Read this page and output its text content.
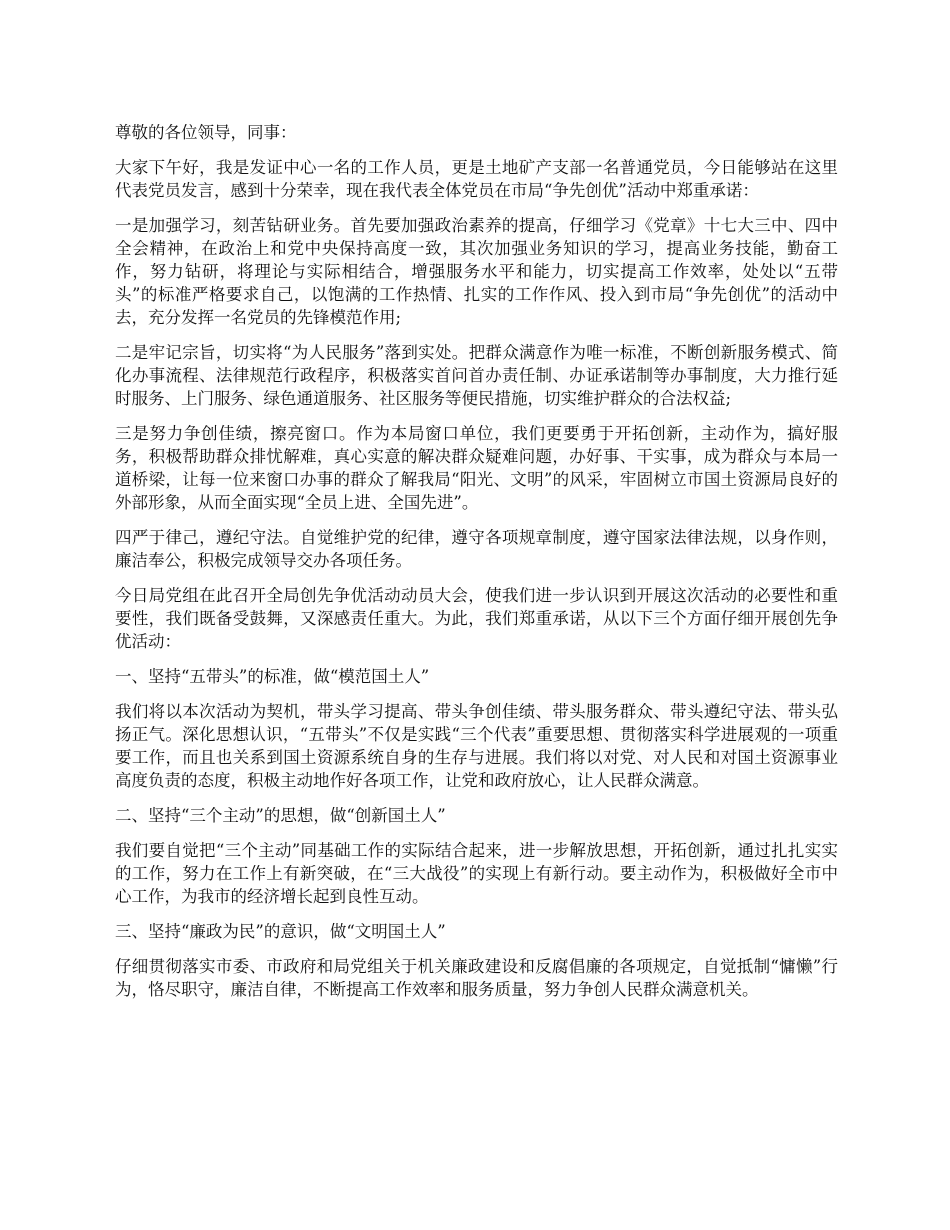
尊敬的各位领导，同事：

大家下午好，我是发证中心一名的工作人员，更是土地矿产支部一名普通党员，今日能够站在这里代表党员发言，感到十分荣幸，现在我代表全体党员在市局“争先创优”活动中郑重承诺：

一是加强学习，刻苦钻研业务。首先要加强政治素养的提高，仔细学习《党章》十七大三中、四中全会精神，在政治上和党中央保持高度一致，其次加强业务知识的学习，提高业务技能，勤奋工作，努力钻研，将理论与实际相结合，增强服务水平和能力，切实提高工作效率，处处以“五带头”的标准严格要求自己，以饱满的工作热情、扎实的工作作风、投入到市局“争先创优”的活动中去，充分发挥一名党员的先锋模范作用;

二是牢记宗旨，切实将“为人民服务”落到实处。把群众满意作为唯一标准，不断创新服务模式、简化办事流程、法律规范行政程序，积极落实首问首办责任制、办证承诺制等办事制度，大力推行延时服务、上门服务、绿色通道服务、社区服务等便民措施，切实维护群众的合法权益;

三是努力争创佳绩，擦亮窗口。作为本局窗口单位，我们更要勇于开拓创新，主动作为，搞好服务，积极帮助群众排忧解难，真心实意的解决群众疑难问题，办好事、干实事，成为群众与本局一道桥梁，让每一位来窗口办事的群众了解我局“阳光、文明”的风采，牢固树立市国土资源局良好的外部形象，从而全面实现“全员上进、全国先进”。

四严于律己，遵纪守法。自觉维护党的纪律，遵守各项规章制度，遵守国家法律法规，以身作则，廉洁奉公，积极完成领导交办各项任务。

今日局党组在此召开全局创先争优活动动员大会，使我们进一步认识到开展这次活动的必要性和重要性，我们既备受鼓舞，又深感责任重大。为此，我们郑重承诺，从以下三个方面仔细开展创先争优活动：

一、坚持“五带头”的标准，做“模范国土人”

我们将以本次活动为契机，带头学习提高、带头争创佳绩、带头服务群众、带头遵纪守法、带头弘扬正气。深化思想认识，“五带头”不仅是实践“三个代表”重要思想、贯彻落实科学进展观的一项重要工作，而且也关系到国土资源系统自身的生存与进展。我们将以对党、对人民和对国土资源事业高度负责的态度，积极主动地作好各项工作，让党和政府放心，让人民群众满意。

二、坚持“三个主动”的思想，做“创新国土人”

我们要自觉把“三个主动”同基础工作的实际结合起来，进一步解放思想，开拓创新，通过扎扎实实的工作，努力在工作上有新突破，在“三大战役”的实现上有新行动。要主动作为，积极做好全市中心工作，为我市的经济增长起到良性互动。

三、坚持“廉政为民”的意识，做“文明国土人”

仔细贯彻落实市委、市政府和局党组关于机关廉政建设和反腐倡廉的各项规定，自觉抵制“慵懒”行为，恪尽职守，廉洁自律，不断提高工作效率和服务质量，努力争创人民群众满意机关。
